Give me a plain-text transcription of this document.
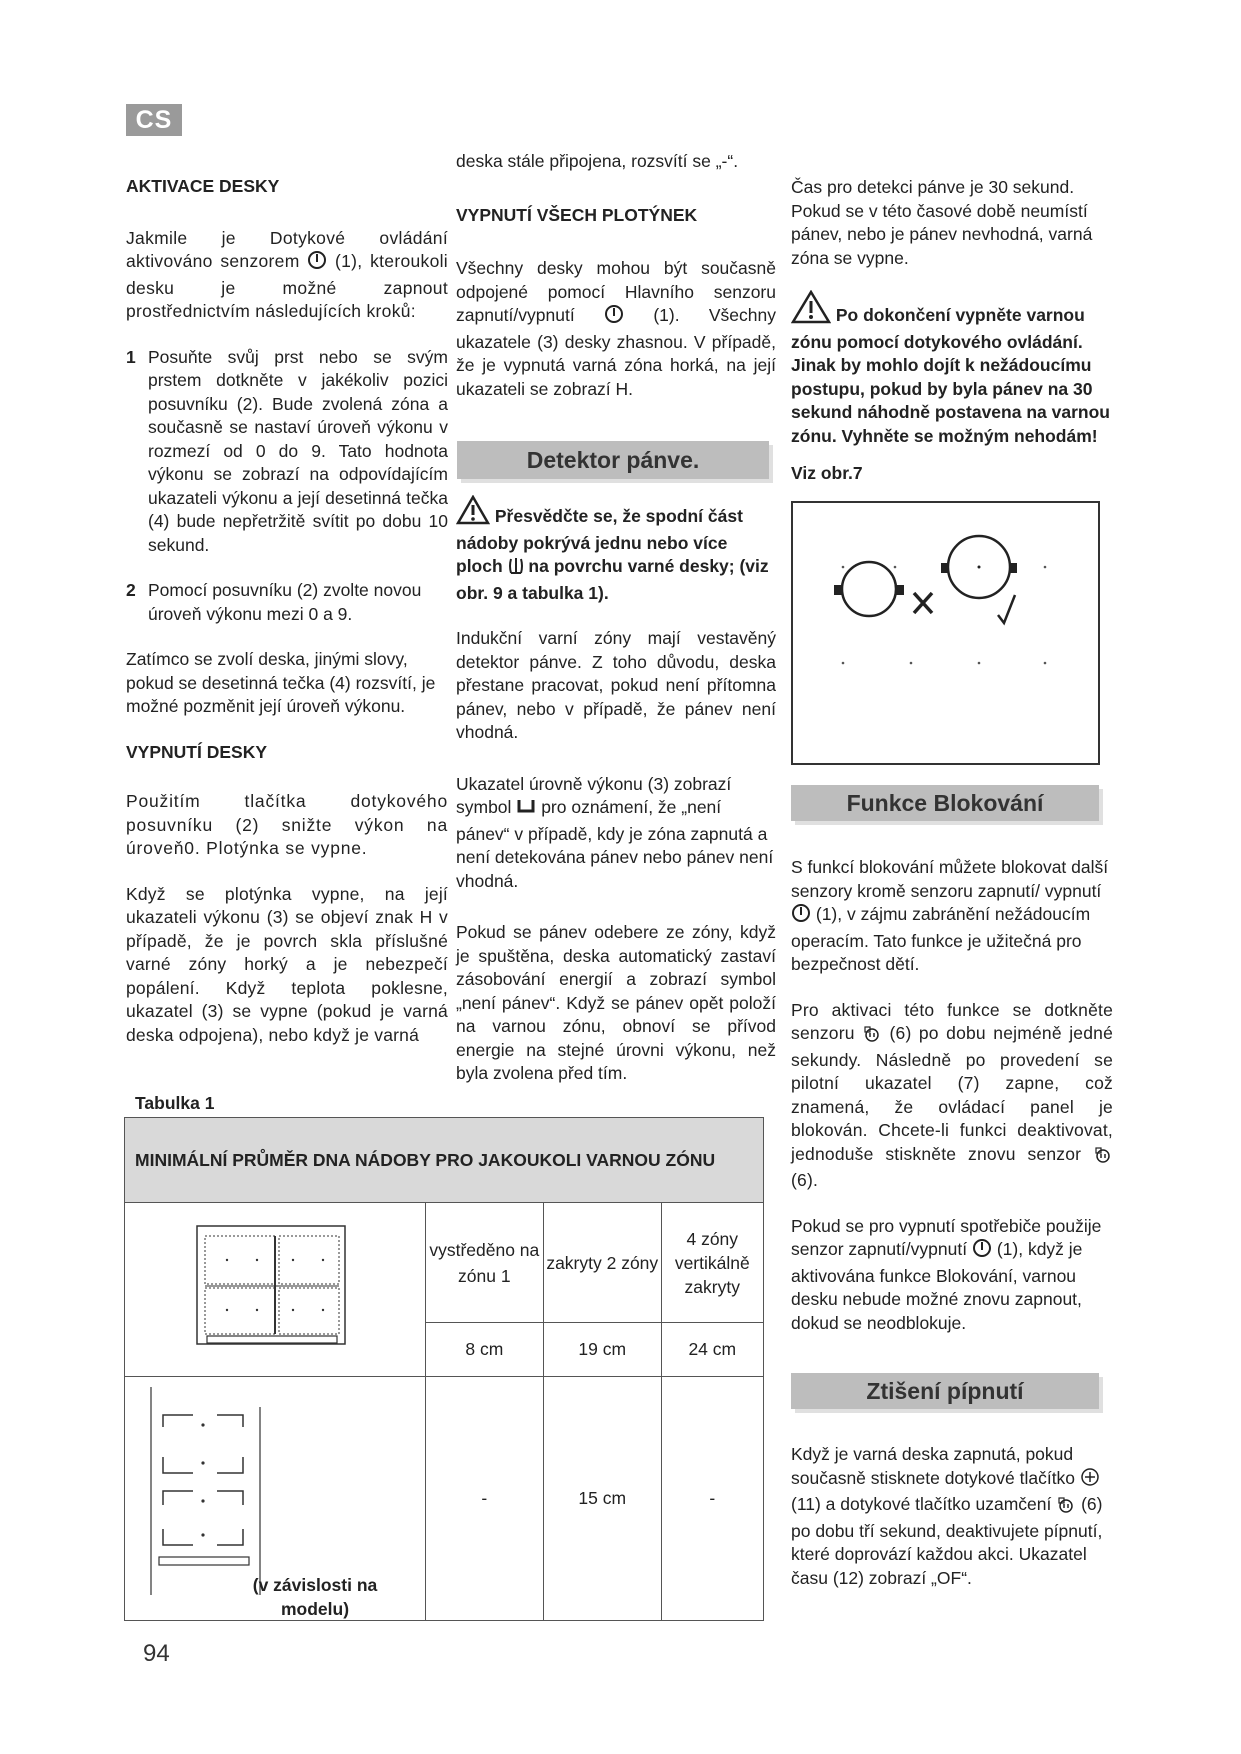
CS

AKTIVACE DESKY

Jakmile je Dotykové ovládání aktivováno senzorem (1), kteroukoli desku je možné zapnout prostřednictvím následujících kroků:

1 Posuňte svůj prst nebo se svým prstem dotkněte v jakékoliv pozici posuvníku (2). Bude zvolená zóna a současně se nastaví úroveň výkonu v rozmezí od 0 do 9. Tato hodnota výkonu se zobrazí na odpovídajícím ukazateli výkonu a její desetinná tečka (4) bude nepřetržitě svítit po dobu 10 sekund.
2 Pomocí posuvníku (2) zvolte novou úroveň výkonu mezi 0 a 9.

Zatímco se zvolí deska, jinými slovy, pokud se desetinná tečka (4) rozsvítí, je možné pozměnit její úroveň výkonu.

VYPNUTÍ DESKY

Použitím tlačítka dotykového posuvníku (2) snižte výkon na úroveň0. Plotýnka se vypne.

Když se plotýnka vypne, na její ukazateli výkonu (3) se objeví znak H v případě, že je povrch skla příslušné varné zóny horký a je nebezpečí popálení. Když teplota poklesne, ukazatel (3) se vypne (pokud je varná deska odpojena), nebo když je varná

deska stále připojena, rozsvítí se „-“.

VYPNUTÍ VŠECH PLOTÝNEK

Všechny desky mohou být současně odpojené pomocí Hlavního senzoru zapnutí/vypnutí	(1). Všechny ukazatele (3) desky zhasnou. V případě, že je vypnutá varná zóna horká, na její ukazateli se zobrazí H.

Detektor pánve.

Přesvědčte se, že spodní část nádoby pokrývá jednu nebo více ploch na povrchu varné desky; (viz obr. 9 a tabulka 1).

Indukční varní zóny mají vestavěný detektor pánve. Z toho důvodu, deska přestane pracovat, pokud není přítomna pánev, nebo v případě, že pánev není vhodná.

Ukazatel úrovně výkonu (3) zobrazí symbol pro oznámení, že „není pánev“ v případě, kdy je zóna zapnutá a není detekována pánev nebo pánev není vhodná.

Pokud se pánev odebere ze zóny, když je spuštěna, deska automatický zastaví zásobování energií a zobrazí symbol „není pánev“. Když se pánev opět položí na varnou zónu, obnoví se přívod energie na stejné úrovni výkonu, než byla zvolena před tím.

Čas pro detekci pánve je 30 sekund. Pokud se v této časové době neumístí pánev, nebo je pánev nevhodná, varná zóna se vypne.

Po dokončení vypněte varnou zónu pomocí dotykového ovládání. Jinak by mohlo dojít k nežádoucímu postupu, pokud by byla pánev na 30 sekund náhodně postavena na varnou zónu. Vyhněte se možným nehodám!

Viz obr.7

Funkce Blokování

S funkcí blokování můžete blokovat další senzory kromě senzoru zapnutí/ vypnutí  (1), v zájmu zabránění nežádoucím operacím. Tato funkce je užitečná pro bezpečnost dětí.

Pro aktivaci této funkce se dotkněte senzoru (6) po dobu nejméně jedné sekundy. Následně po provedení se pilotní ukazatel (7) zapne, což znamená, že ovládací panel je blokován. Chcete-li funkci deaktivovat, jednoduše stiskněte znovu senzor  (6).

Pokud se pro vypnutí spotřebiče použije senzor zapnutí/vypnutí (1), když je aktivována funkce Blokování, varnou desku nebude možné znovu zapnout, dokud se neodblokuje.

Ztišení pípnutí

Když je varná deska zapnutá, pokud současně stisknete dotykové tlačítko  (11) a dotykové tlačítko uzamčení (6) po dobu tří sekund, deaktivujete pípnutí, které doprovází každou akci. Ukazatel času (12) zobrazí „OF“.

Tabulka 1
MINIMÁLNÍ PRŮMĚR DNA NÁDOBY PRO JAKOUKOLI VARNOU ZÓNU			
	vystředěno na zónu 1	zakryty 2 zóny	4 zóny vertikálně zakryty
	8 cm	19 cm	24 cm

(v závislosti na modelu)	-	15 cm	-
94
